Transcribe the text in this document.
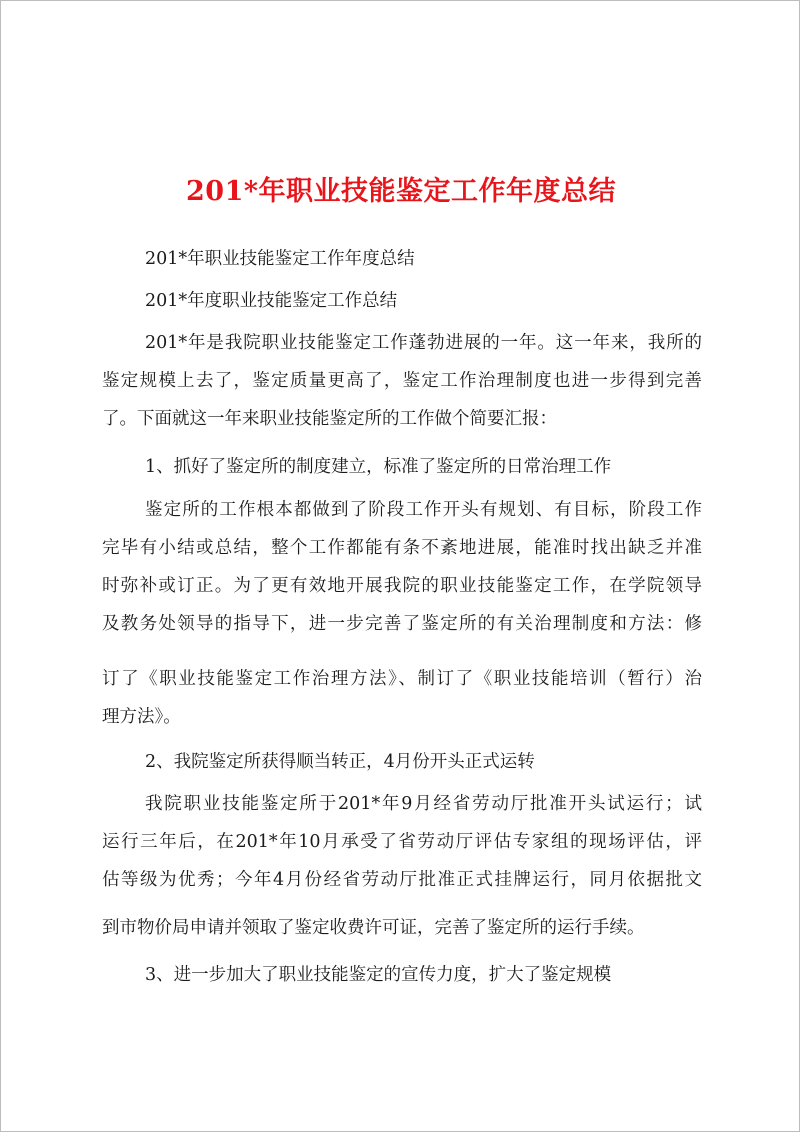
201*年职业技能鉴定工作年度总结
201*年职业技能鉴定工作年度总结
201*年度职业技能鉴定工作总结
201*年是我院职业技能鉴定工作蓬勃进展的一年。这一年来，我所的
鉴定规模上去了，鉴定质量更高了，鉴定工作治理制度也进一步得到完善
了。下面就这一年来职业技能鉴定所的工作做个简要汇报：
1、抓好了鉴定所的制度建立，标准了鉴定所的日常治理工作
鉴定所的工作根本都做到了阶段工作开头有规划、有目标，阶段工作
完毕有小结或总结，整个工作都能有条不紊地进展，能准时找出缺乏并准
时弥补或订正。为了更有效地开展我院的职业技能鉴定工作，在学院领导
及教务处领导的指导下，进一步完善了鉴定所的有关治理制度和方法：修
订了《职业技能鉴定工作治理方法》、制订了《职业技能培训（暂行）治
理方法》。
2、我院鉴定所获得顺当转正，4月份开头正式运转
我院职业技能鉴定所于201*年9月经省劳动厅批准开头试运行；试
运行三年后，在201*年10月承受了省劳动厅评估专家组的现场评估，评
估等级为优秀；今年4月份经省劳动厅批准正式挂牌运行，同月依据批文
到市物价局申请并领取了鉴定收费许可证，完善了鉴定所的运行手续。
3、进一步加大了职业技能鉴定的宣传力度，扩大了鉴定规模
